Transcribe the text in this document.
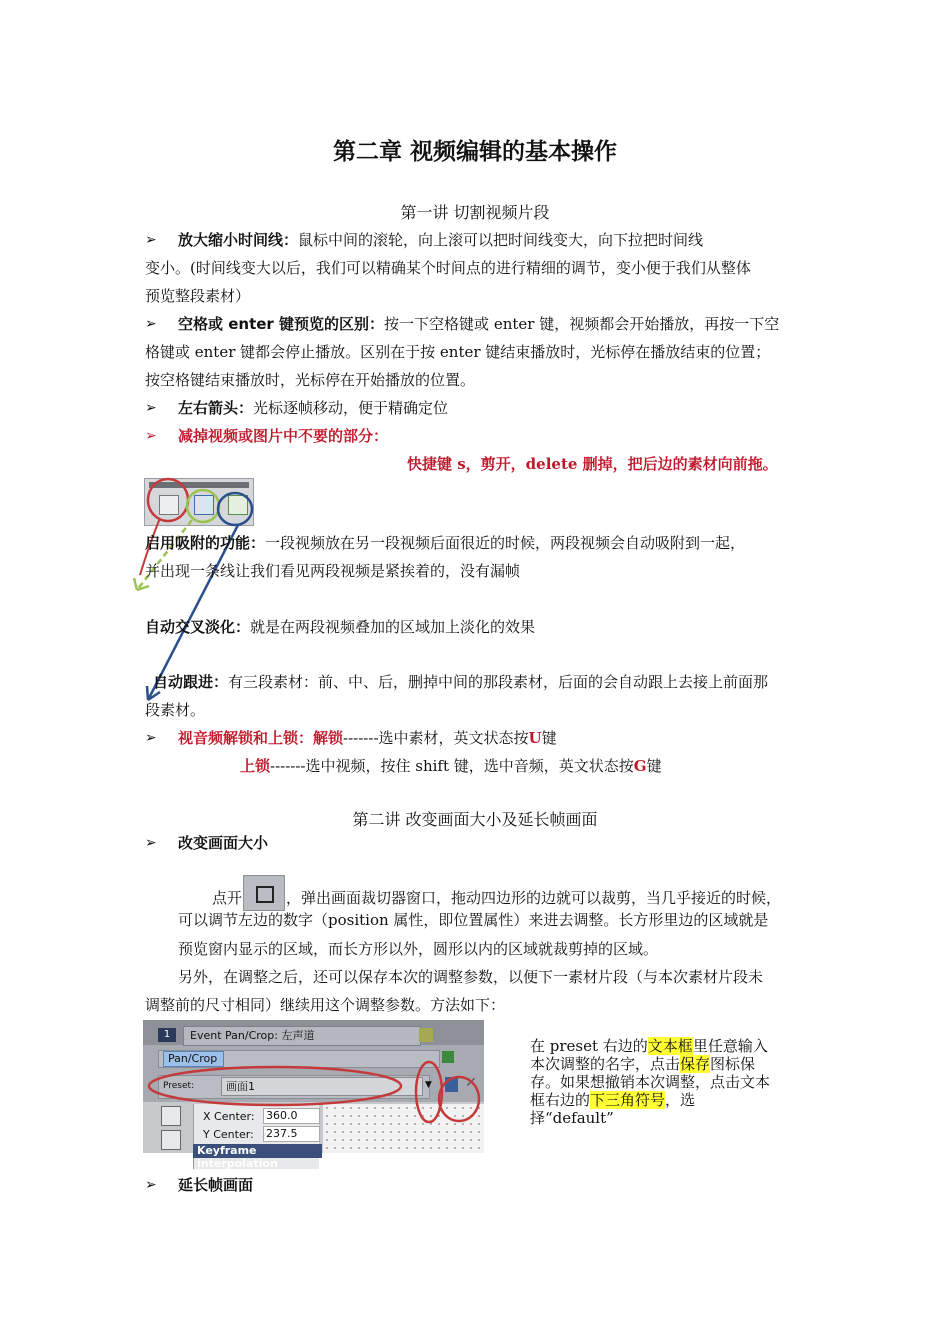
第二章 视频编辑的基本操作
第一讲 切割视频片段
➢ 放大缩小时间线：鼠标中间的滚轮，向上滚可以把时间线变大，向下拉把时间线
变小。(时间线变大以后，我们可以精确某个时间点的进行精细的调节，变小便于我们从整体
预览整段素材）
➢ 空格或 enter 键预览的区别：按一下空格键或 enter 键，视频都会开始播放，再按一下空
格键或 enter 键都会停止播放。区别在于按 enter 键结束播放时，光标停在播放结束的位置；
按空格键结束播放时，光标停在开始播放的位置。
➢ 左右箭头：光标逐帧移动，便于精确定位
➢ 减掉视频或图片中不要的部分：
快捷键 s，剪开，delete 删掉，把后边的素材向前拖。
启用吸附的功能：一段视频放在另一段视频后面很近的时候，两段视频会自动吸附到一起，
并出现一条线让我们看见两段视频是紧挨着的，没有漏帧
自动交叉淡化：就是在两段视频叠加的区域加上淡化的效果
自动跟进：有三段素材：前、中、后，删掉中间的那段素材，后面的会自动跟上去接上前面那
段素材。
➢ 视音频解锁和上锁：解锁-------选中素材，英文状态按U键
上锁-------选中视频，按住 shift 键，选中音频，英文状态按G键
第二讲 改变画面大小及延长帧画面
➢ 改变画面大小
点开	，弹出画面裁切器窗口，拖动四边形的边就可以裁剪，当几乎接近的时候，
可以调节左边的数字（position 属性，即位置属性）来进去调整。长方形里边的区域就是
预览窗内显示的区域，而长方形以外，圆形以内的区域就裁剪掉的区域。
另外，在调整之后，还可以保存本次的调整参数，以便下一素材片段（与本次素材片段未
调整前的尺寸相同）继续用这个调整参数。方法如下：
1	Event Pan/Crop: 左声道
Pan/Crop
Preset:	画面1	▼ ✕
X Center: 360.0
Y Center: 237.5
Keyframe interpolation
在 preset 右边的文本框里任意输入本次调整的名字，点击保存图标保存。如果想撤销本次调整，点击文本框右边的下三角符号，选择“default”
➢ 延长帧画面
